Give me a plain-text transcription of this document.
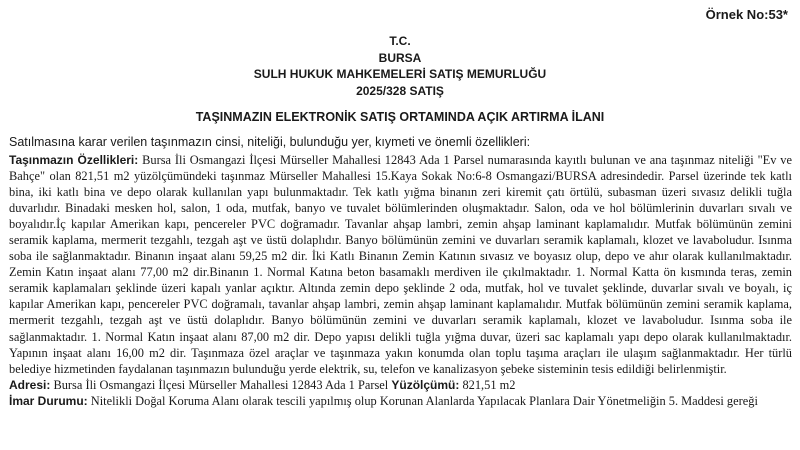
Örnek No:53*
T.C.
BURSA
SULH HUKUK MAHKEMELERİ SATIŞ MEMURLUĞU
2025/328 SATIŞ
TAŞINMAZIN ELEKTRONİK SATIŞ ORTAMINDA AÇIK ARTIRMA İLANI
Satılmasına karar verilen taşınmazın cinsi, niteliği, bulunduğu yer, kıymeti ve önemli özellikleri:

Taşınmazın Özellikleri: Bursa İli Osmangazi İlçesi Mürseller Mahallesi 12843 Ada 1 Parsel numarasında kayıtlı bulunan ve ana taşınmaz niteliği "Ev ve Bahçe" olan 821,51 m2 yüzölçümündeki taşınmaz Mürseller Mahallesi 15.Kaya Sokak No:6-8 Osmangazi/BURSA adresindedir. Parsel üzerinde tek katlı bina, iki katlı bina ve depo olarak kullanılan yapı bulunmaktadır. Tek katlı yığma binanın zeri kiremit çatı örtülü, subasman üzeri sıvasız delikli tuğla duvarlıdır. Binadaki mesken hol, salon, 1 oda, mutfak, banyo ve tuvalet bölümlerinden oluşmaktadır. Salon, oda ve hol bölümlerinin duvarları sıvalı ve boyalıdır.İç kapılar Amerikan kapı, pencereler PVC doğramadır. Tavanlar ahşap lambri, zemin ahşap laminant kaplamalıdır. Mutfak bölümünün zemini seramik kaplama, mermerit tezgahlı, tezgah aşt ve üstü dolaplıdır. Banyo bölümünün zemini ve duvarları seramik kaplamalı, klozet ve lavaboludur. Isınma soba ile sağlanmaktadır. Binanın inşaat alanı 59,25 m2 dir. İki Katlı Binanın Zemin Katının sıvasız ve boyasız olup, depo ve ahır olarak kullanılmaktadır. Zemin Katın inşaat alanı 77,00 m2 dir.Binanın 1. Normal Katına beton basamaklı merdiven ile çıkılmaktadır. 1. Normal Katta ön kısmında teras, zemin seramik kaplamaları şeklinde üzeri kapalı yanlar açıktır. Altında zemin depo şeklinde 2 oda, mutfak, hol ve tuvalet şeklinde, duvarlar sıvalı ve boyalı, iç kapılar Amerikan kapı, pencereler PVC doğramalı, tavanlar ahşap lambri, zemin ahşap laminant kaplamalıdır. Mutfak bölümünün zemini seramik kaplama, mermerit tezgahlı, tezgah aşt ve üstü dolaplıdır. Banyo bölümünün zemini ve duvarları seramik kaplamalı, klozet ve lavaboludur. Isınma soba ile sağlanmaktadır. 1. Normal Katın inşaat alanı 87,00 m2 dir. Depo yapısı delikli tuğla yığma duvar, üzeri sac kaplamalı yapı depo olarak kullanılmaktadır. Yapının inşaat alanı 16,00 m2 dir. Taşınmaza özel araçlar ve taşınmaza yakın konumda olan toplu taşıma araçları ile ulaşım sağlanmaktadır. Her türlü belediye hizmetinden faydalanan taşınmazın bulunduğu yerde elektrik, su, telefon ve kanalizasyon şebeke sisteminin tesis edildiği belirlenmiştir.

Adresi: Bursa İli Osmangazi İlçesi Mürseller Mahallesi 12843 Ada 1 Parsel Yüzölçümü: 821,51 m2

İmar Durumu: Nitelikli Doğal Koruma Alanı olarak tescili yapılmış olup Korunan Alanlarda Yapılacak Planlara Dair Yönetmeliğin 5. Maddesi gereği
